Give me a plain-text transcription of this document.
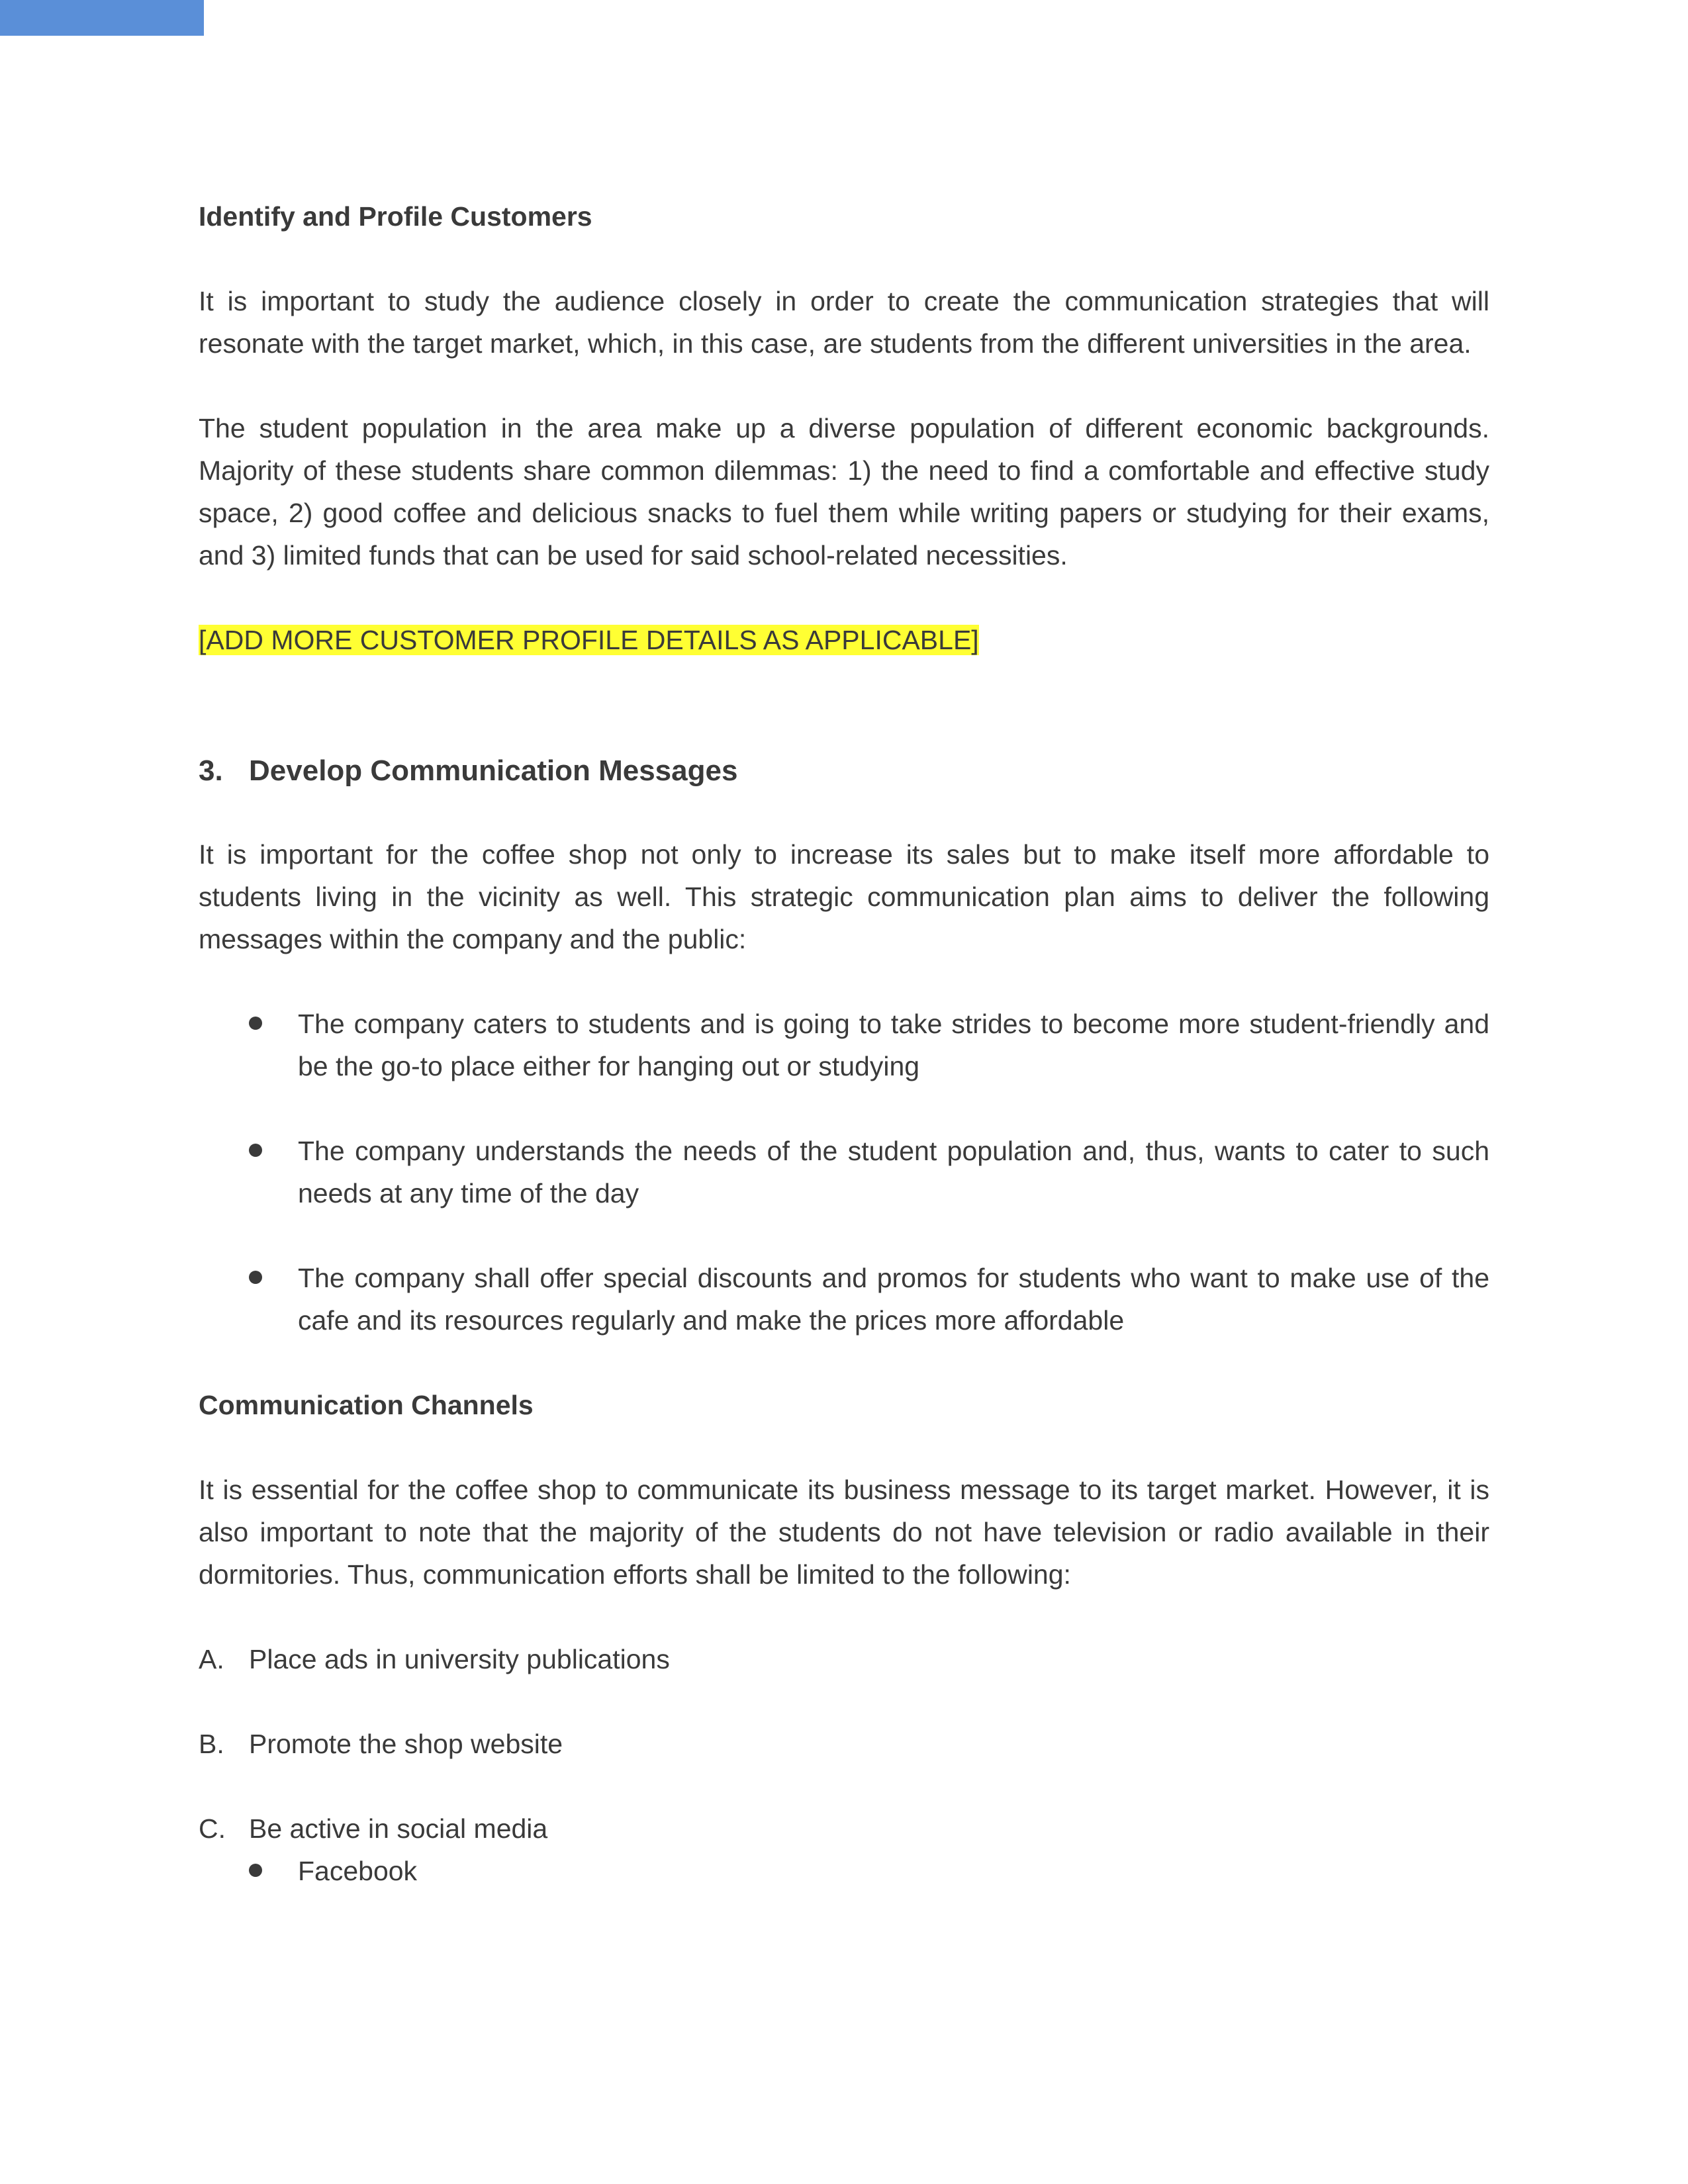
Identify and Profile Customers

It is important to study the audience closely in order to create the communication strategies that will resonate with the target market, which, in this case, are students from the different universities in the area.

The student population in the area make up a diverse population of different economic backgrounds. Majority of these students share common dilemmas: 1) the need to find a comfortable and effective study space, 2) good coffee and delicious snacks to fuel them while writing papers or studying for their exams, and 3) limited funds that can be used for said school-related necessities.

[ADD MORE CUSTOMER PROFILE DETAILS AS APPLICABLE]
3. Develop Communication Messages

It is important for the coffee shop not only to increase its sales but to make itself more affordable to students living in the vicinity as well. This strategic communication plan aims to deliver the following messages within the company and the public:

The company caters to students and is going to take strides to become more student-friendly and be the go-to place either for hanging out or studying
The company understands the needs of the student population and, thus, wants to cater to such needs at any time of the day
The company shall offer special discounts and promos for students who want to make use of the cafe and its resources regularly and make the prices more affordable
Communication Channels

It is essential for the coffee shop to communicate its business message to its target market. However, it is also important to note that the majority of the students do not have television or radio available in their dormitories. Thus, communication efforts shall be limited to the following:

A. Place ads in university publications
B. Promote the shop website
C. Be active in social media
Facebook
